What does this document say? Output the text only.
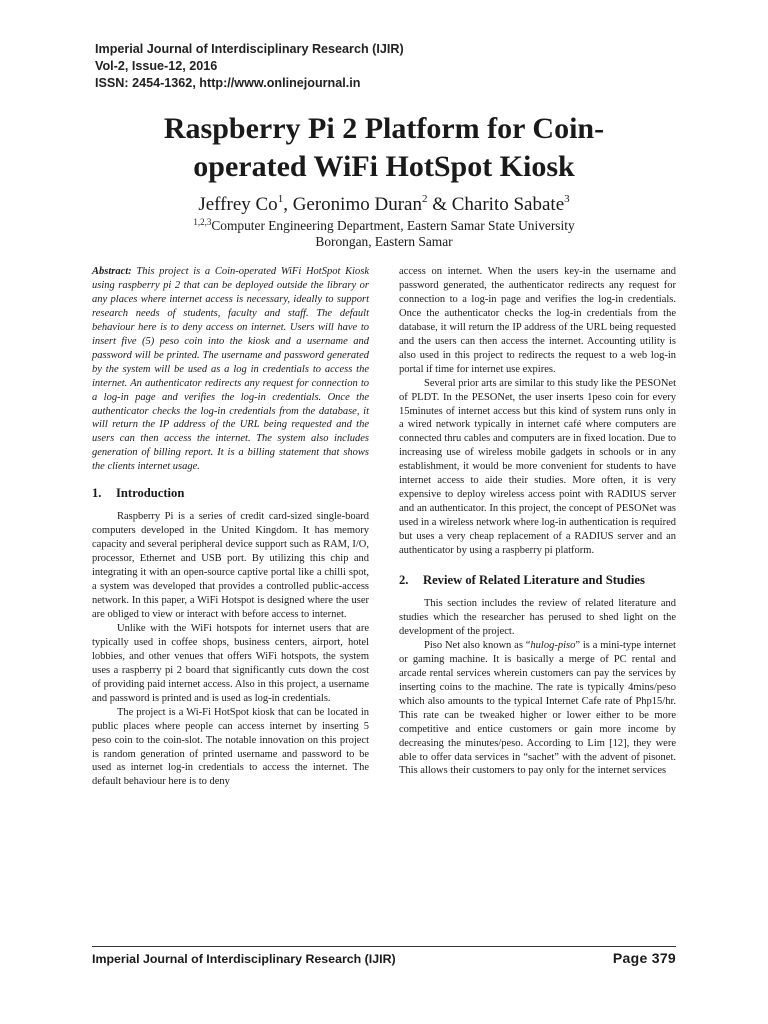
Imperial Journal of Interdisciplinary Research (IJIR)
Vol-2, Issue-12, 2016
ISSN: 2454-1362, http://www.onlinejournal.in
Raspberry Pi 2 Platform for Coin-
operated WiFi HotSpot Kiosk
Jeffrey Co$^1$, Geronimo Duran$^2$ & Charito Sabate$^3$
$^{1,2,3}$Computer Engineering Department, Eastern Samar State University
Borongan, Eastern Samar

Abstract: This project is a Coin-operated WiFi HotSpot Kiosk using raspberry pi 2 that can be deployed outside the library or any places where internet access is necessary, ideally to support research needs of students, faculty and staff. The default behaviour here is to deny access on internet. Users will have to insert five (5) peso coin into the kiosk and a username and password will be printed. The username and password generated by the system will be used as a log in credentials to access the internet. An authenticator redirects any request for connection to a log-in page and verifies the log-in credentials. Once the authenticator checks the log-in credentials from the database, it will return the IP address of the URL being requested and the users can then access the internet. The system also includes generation of billing report. It is a billing statement that shows the clients internet usage.

1.	Introduction

Raspberry Pi is a series of credit card-sized single-board computers developed in the United Kingdom. It has memory capacity and several peripheral device support such as RAM, I/O, processor, Ethernet and USB port. By utilizing this chip and integrating it with an open-source captive portal like a chilli spot, a system was developed that provides a controlled public-access network. In this paper, a WiFi Hotspot is designed where the user are obliged to view or interact with before access to internet.

Unlike with the WiFi hotspots for internet users that are typically used in coffee shops, business centers, airport, hotel lobbies, and other venues that offers WiFi hotspots, the system uses a raspberry pi 2 board that significantly cuts down the cost of providing paid internet access. Also in this project, a username and password is printed and is used as log-in credentials.

The project is a Wi-Fi HotSpot kiosk that can be located in public places where people can access internet by inserting 5 peso coin to the coin-slot. The notable innovation on this project is random generation of printed username and password to be used as internet log-in credentials to access the internet. The default behaviour here is to deny

access on internet. When the users key-in the username and password generated, the authenticator redirects any request for connection to a log-in page and verifies the log-in credentials. Once the authenticator checks the log-in credentials from the database, it will return the IP address of the URL being requested and the users can then access the internet. Accounting utility is also used in this project to redirects the request to a web log-in portal if time for internet use expires.

Several prior arts are similar to this study like the PESONet of PLDT. In the PESONet, the user inserts 1peso coin for every 15minutes of internet access but this kind of system runs only in a wired network typically in internet café where computers are connected thru cables and computers are in fixed location. Due to increasing use of wireless mobile gadgets in schools or in any establishment, it would be more convenient for students to have internet access to aide their studies. More often, it is very expensive to deploy wireless access point with RADIUS server and an authenticator. In this project, the concept of PESONet was used in a wireless network where log-in authentication is required but uses a very cheap replacement of a RADIUS server and an authenticator by using a raspberry pi platform.

2.	Review of Related Literature and Studies

This section includes the review of related literature and studies which the researcher has perused to shed light on the development of the project.

Piso Net also known as “hulog-piso” is a mini-type internet or gaming machine. It is basically a merge of PC rental and arcade rental services wherein customers can pay the services by inserting coins to the machine. The rate is typically 4mins/peso which also amounts to the typical Internet Cafe rate of Php15/hr. This rate can be tweaked higher or lower either to be more competitive and entice customers or gain more income by decreasing the minutes/peso. According to Lim [12], they were able to offer data services in “sachet” with the advent of pisonet. This allows their customers to pay only for the internet services

Imperial Journal of Interdisciplinary Research (IJIR)	Page 379
